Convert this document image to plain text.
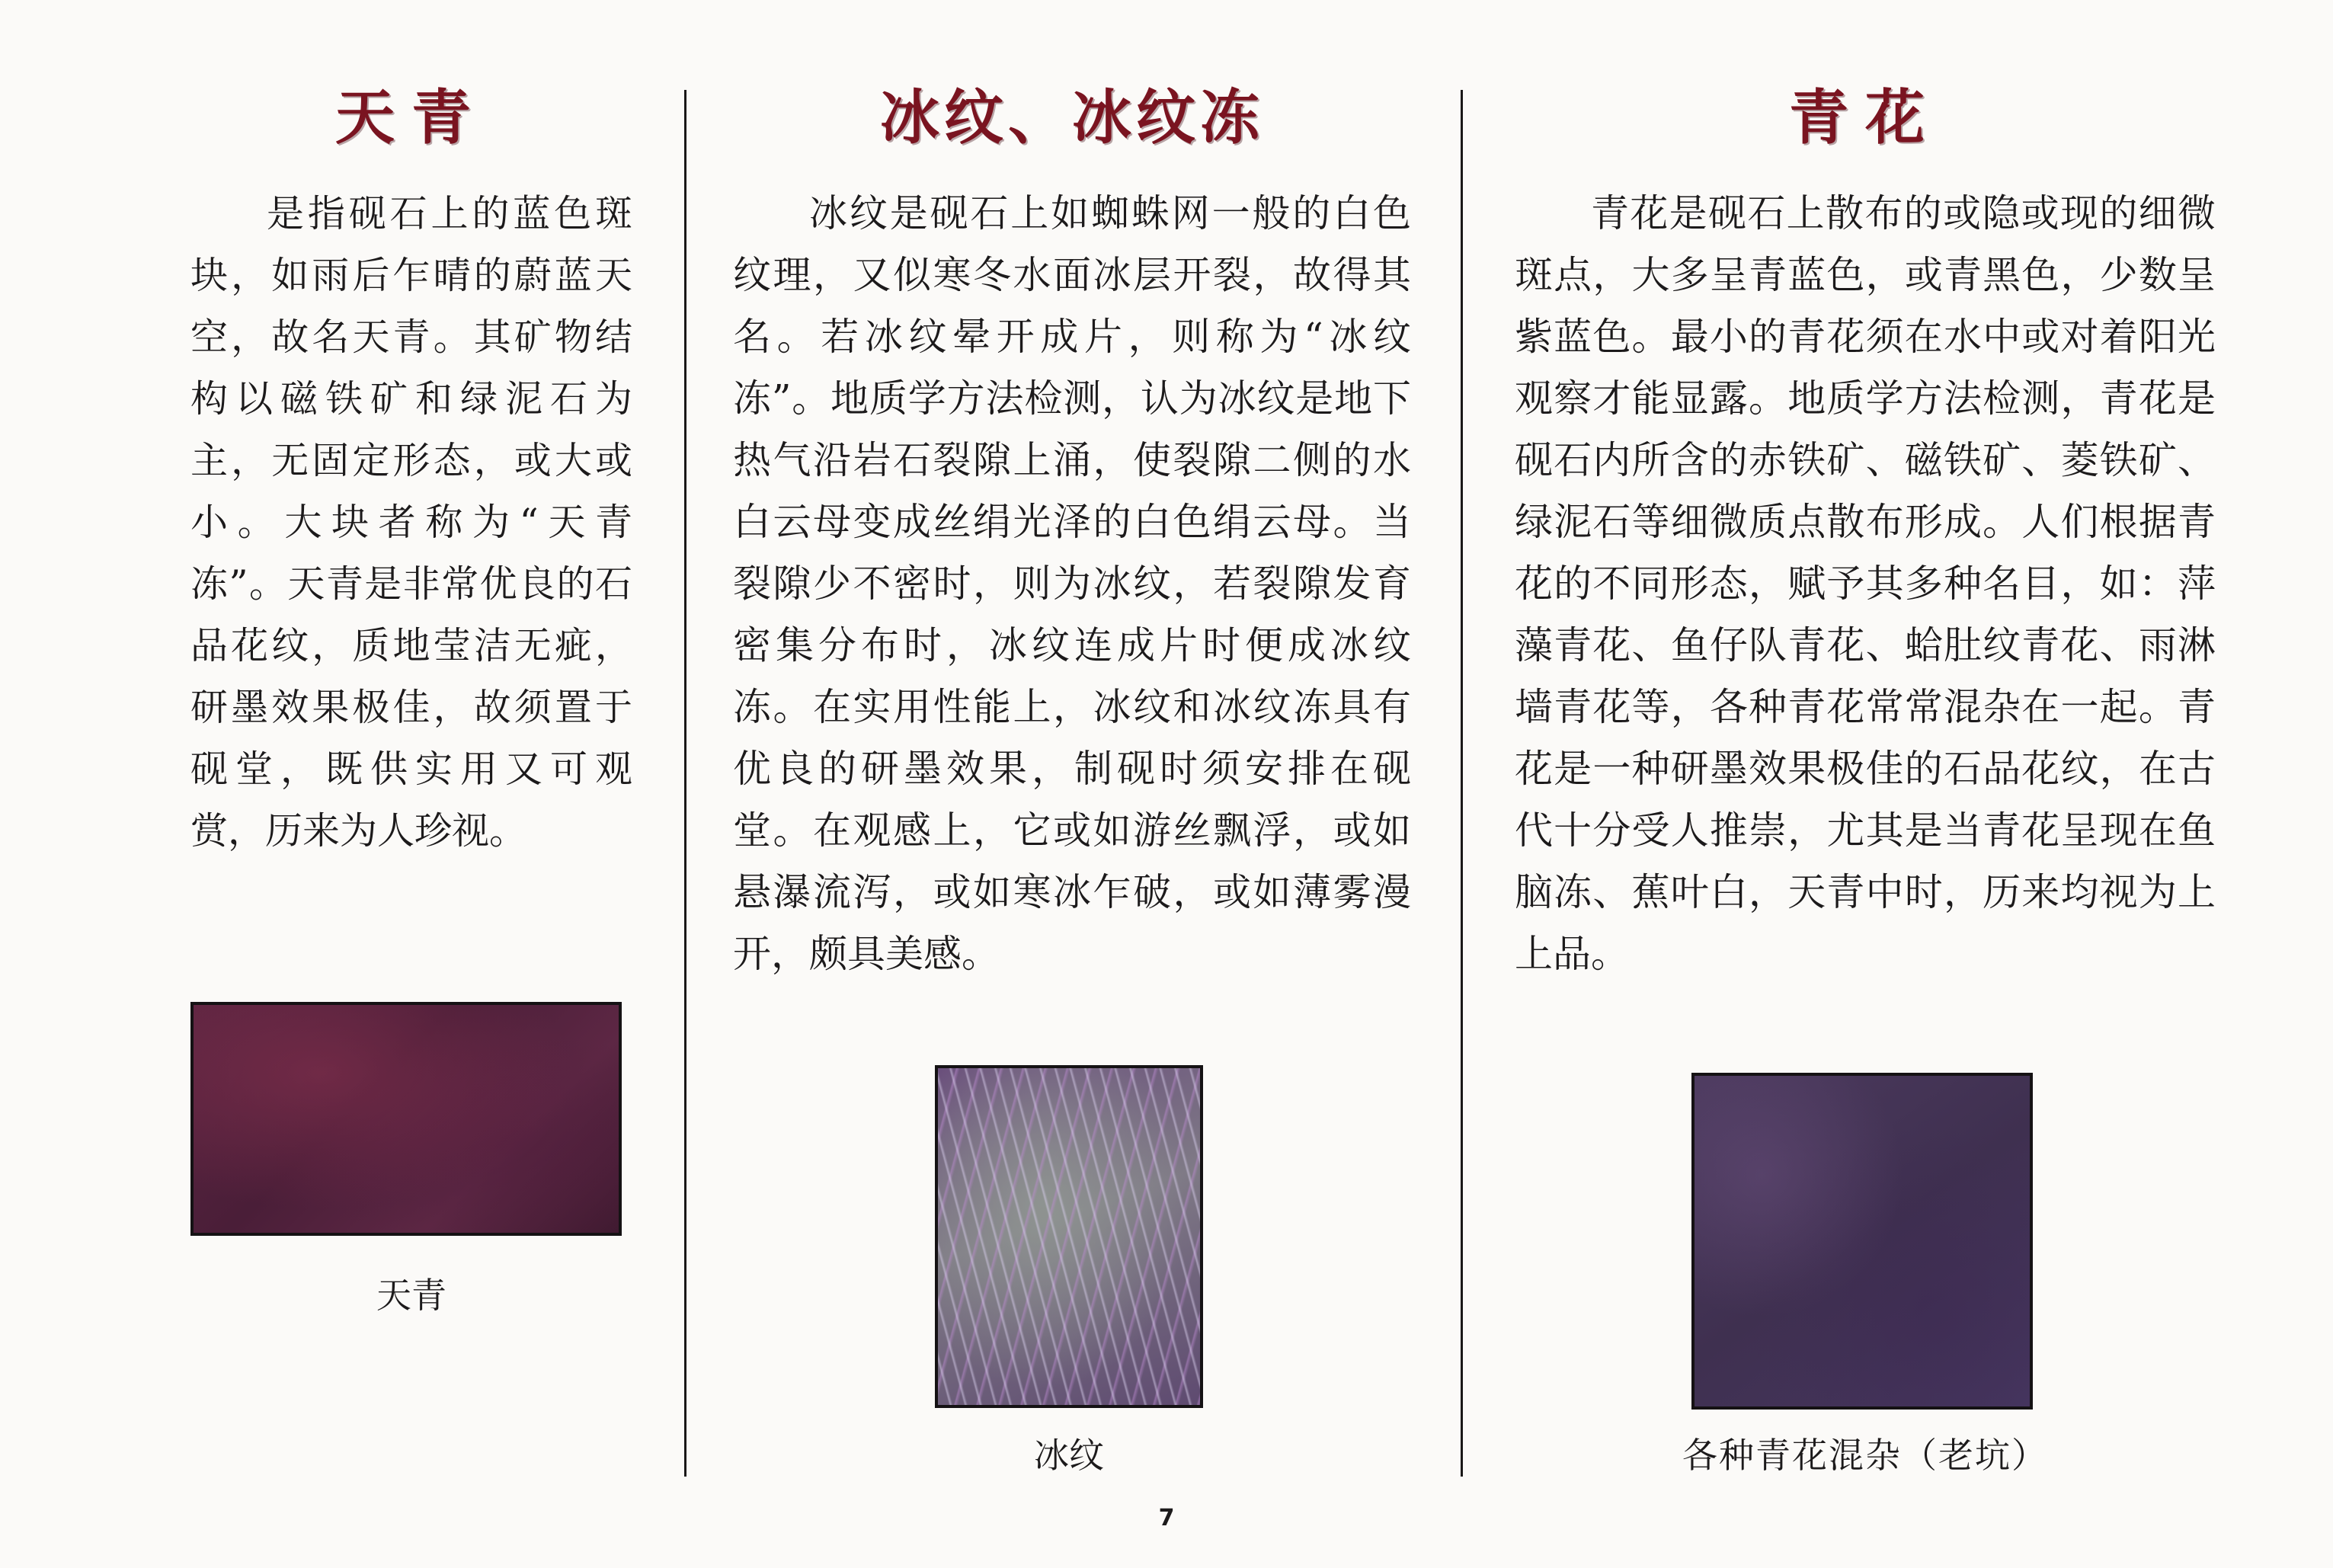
天青

是指砚石上的蓝色斑块，如雨后乍晴的蔚蓝天空，故名天青。其矿物结构以磁铁矿和绿泥石为主，无固定形态，或大或小。大块者称为“天青冻”。天青是非常优良的石品花纹，质地莹洁无疵，研墨效果极佳，故须置于砚堂，既供实用又可观赏，历来为人珍视。

天青
冰纹、冰纹冻

冰纹是砚石上如蜘蛛网一般的白色纹理，又似寒冬水面冰层开裂，故得其名。若冰纹晕开成片，则称为“冰纹冻”。地质学方法检测，认为冰纹是地下热气沿岩石裂隙上涌，使裂隙二侧的水白云母变成丝绢光泽的白色绢云母。当裂隙少不密时，则为冰纹，若裂隙发育密集分布时，冰纹连成片时便成冰纹冻。在实用性能上，冰纹和冰纹冻具有优良的研墨效果，制砚时须安排在砚堂。在观感上，它或如游丝飘浮，或如悬瀑流泻，或如寒冰乍破，或如薄雾漫开，颇具美感。

冰纹
青花

青花是砚石上散布的或隐或现的细微斑点，大多呈青蓝色，或青黑色，少数呈紫蓝色。最小的青花须在水中或对着阳光观察才能显露。地质学方法检测，青花是砚石内所含的赤铁矿、磁铁矿、菱铁矿、绿泥石等细微质点散布形成。人们根据青花的不同形态，赋予其多种名目，如：萍藻青花、鱼仔队青花、蛤肚纹青花、雨淋墙青花等，各种青花常常混杂在一起。青花是一种研墨效果极佳的石品花纹，在古代十分受人推崇，尤其是当青花呈现在鱼脑冻、蕉叶白，天青中时，历来均视为上上品。

各种青花混杂（老坑）
7
